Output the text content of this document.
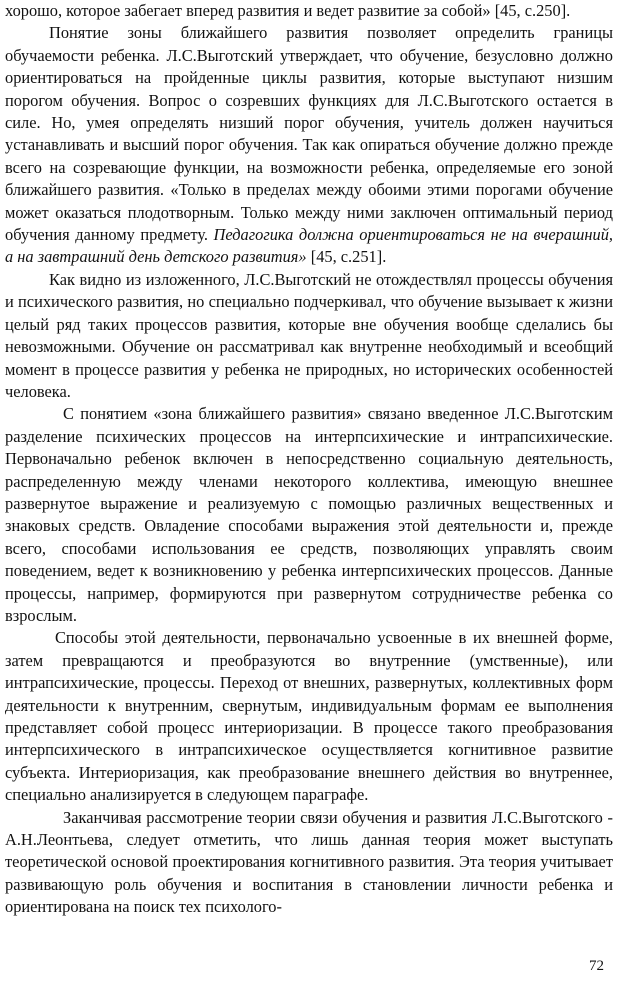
хорошо, которое забегает вперед развития и ведет развитие за собой» [45, с.250].

Понятие зоны ближайшего развития позволяет определить границы обучаемости ребенка. Л.С.Выготский утверждает, что обучение, безусловно должно ориентироваться на пройденные циклы развития, которые выступают низшим порогом обучения. Вопрос о созревших функциях для Л.С.Выготского остается в силе. Но, умея определять низший порог обучения, учитель должен научиться устанавливать и высший порог обучения. Так как опираться обучение должно прежде всего на созревающие функции, на возможности ребенка, определяемые его зоной ближайшего развития. «Только в пределах между обоими этими порогами обучение может оказаться плодотворным. Только между ними заключен оптимальный период обучения данному предмету. Педагогика должна ориентироваться не на вчерашний, а на завтрашний день детского развития» [45, с.251].

Как видно из изложенного, Л.С.Выготский не отождествлял процессы обучения и психического развития, но специально подчеркивал, что обучение вызывает к жизни целый ряд таких процессов развития, которые вне обучения вообще сделались бы невозможными. Обучение он рассматривал как внутренне необходимый и всеобщий момент в процессе развития у ребенка не природных, но исторических особенностей человека.

С понятием «зона ближайшего развития» связано введенное Л.С.Выготским разделение психических процессов на интерпсихические и интрапсихические. Первоначально ребенок включен в непосредственно социальную деятельность, распределенную между членами некоторого коллектива, имеющую внешнее развернутое выражение и реализуемую с помощью различных вещественных и знаковых средств. Овладение способами выражения этой деятельности и, прежде всего, способами использования ее средств, позволяющих управлять своим поведением, ведет к возникновению у ребенка интерпсихических процессов. Данные процессы, например, формируются при развернутом сотрудничестве ребенка со взрослым.

Способы этой деятельности, первоначально усвоенные в их внешней форме, затем превращаются и преобразуются во внутренние (умственные), или интрапсихические, процессы. Переход от внешних, развернутых, коллективных форм деятельности к внутренним, свернутым, индивидуальным формам ее выполнения представляет собой процесс интериоризации. В процессе такого преобразования интерпсихического в интрапсихическое осуществляется когнитивное развитие субъекта. Интериоризация, как преобразование внешнего действия во внутреннее, специально анализируется в следующем параграфе.

Заканчивая рассмотрение теории связи обучения и развития Л.С.Выготского - А.Н.Леонтьева, следует отметить, что лишь данная теория может выступать теоретической основой проектирования когнитивного развития. Эта теория учитывает развивающую роль обучения и воспитания в становлении личности ребенка и ориентирована на поиск тех психолого-

72
